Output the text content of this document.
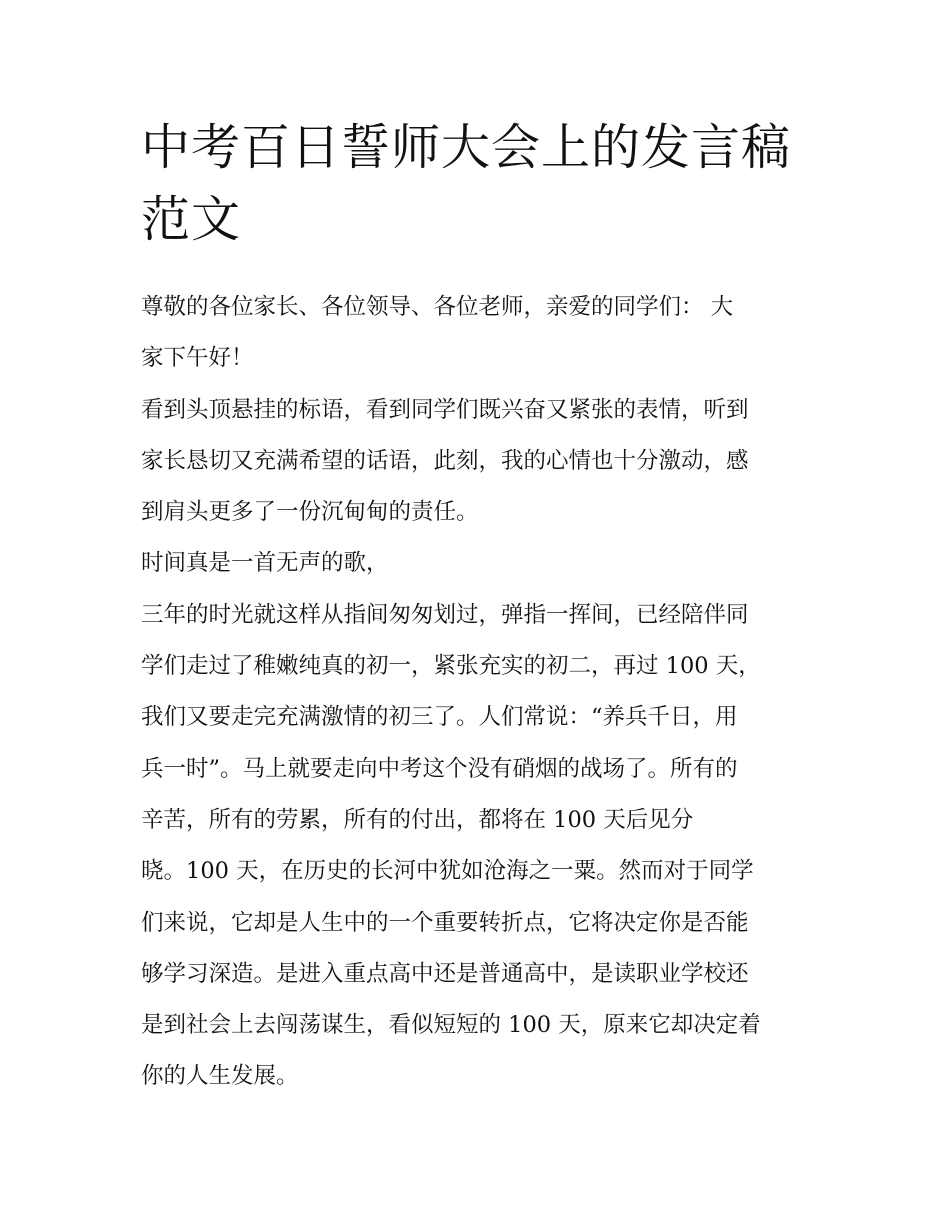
中考百日誓师大会上的发言稿
范文
尊敬的各位家长、各位领导、各位老师，亲爱的同学们： 大
家下午好！
看到头顶悬挂的标语，看到同学们既兴奋又紧张的表情，听到
家长恳切又充满希望的话语，此刻，我的心情也十分激动，感
到肩头更多了一份沉甸甸的责任。
时间真是一首无声的歌，
三年的时光就这样从指间匆匆划过，弹指一挥间，已经陪伴同
学们走过了稚嫩纯真的初一，紧张充实的初二，再过 100 天，
我们又要走完充满激情的初三了。人们常说：“养兵千日，用
兵一时”。马上就要走向中考这个没有硝烟的战场了。所有的
辛苦，所有的劳累，所有的付出，都将在 100 天后见分
晓。100 天，在历史的长河中犹如沧海之一粟。然而对于同学
们来说，它却是人生中的一个重要转折点，它将决定你是否能
够学习深造。是进入重点高中还是普通高中，是读职业学校还
是到社会上去闯荡谋生，看似短短的 100 天，原来它却决定着
你的人生发展。
